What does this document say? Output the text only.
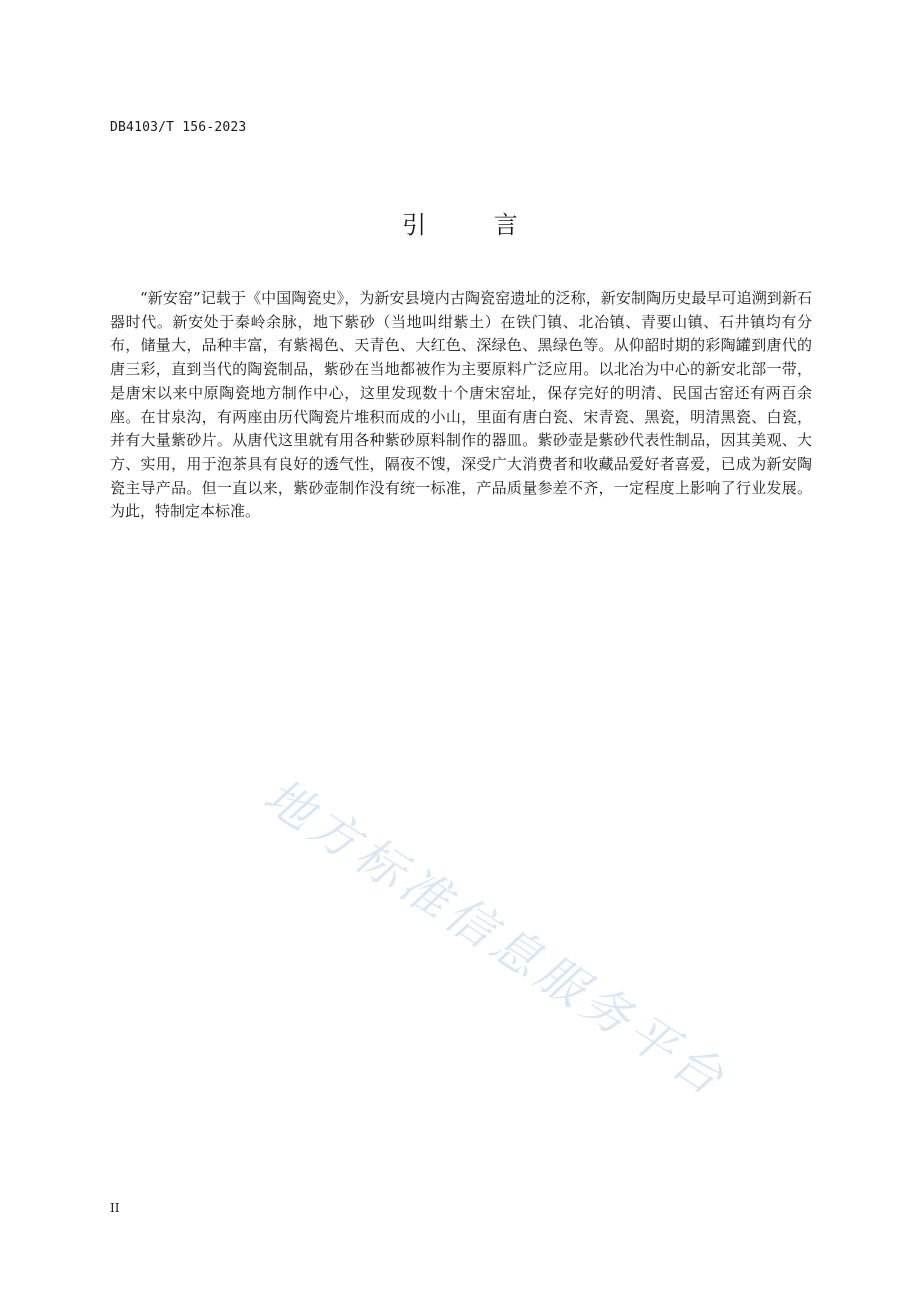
DB4103/T 156-2023
引 言

“新安窑”记载于《中国陶瓷史》，为新安县境内古陶瓷窑遗址的泛称，新安制陶历史最早可追溯到新石器时代。新安处于秦岭余脉，地下紫砂（当地叫绀紫土）在铁门镇、北冶镇、青要山镇、石井镇均有分布，储量大，品种丰富，有紫褐色、天青色、大红色、深绿色、黑绿色等。从仰韶时期的彩陶罐到唐代的唐三彩，直到当代的陶瓷制品，紫砂在当地都被作为主要原料广泛应用。以北冶为中心的新安北部一带，是唐宋以来中原陶瓷地方制作中心，这里发现数十个唐宋窑址，保存完好的明清、民国古窑还有两百余座。在甘泉沟，有两座由历代陶瓷片堆积而成的小山，里面有唐白瓷、宋青瓷、黑瓷，明清黑瓷、白瓷，并有大量紫砂片。从唐代这里就有用各种紫砂原料制作的器皿。紫砂壶是紫砂代表性制品，因其美观、大方、实用，用于泡茶具有良好的透气性，隔夜不馊，深受广大消费者和收藏品爱好者喜爱，已成为新安陶瓷主导产品。但一直以来，紫砂壶制作没有统一标准，产品质量参差不齐，一定程度上影响了行业发展。为此，特制定本标准。

地方标准信息服务平台
II
